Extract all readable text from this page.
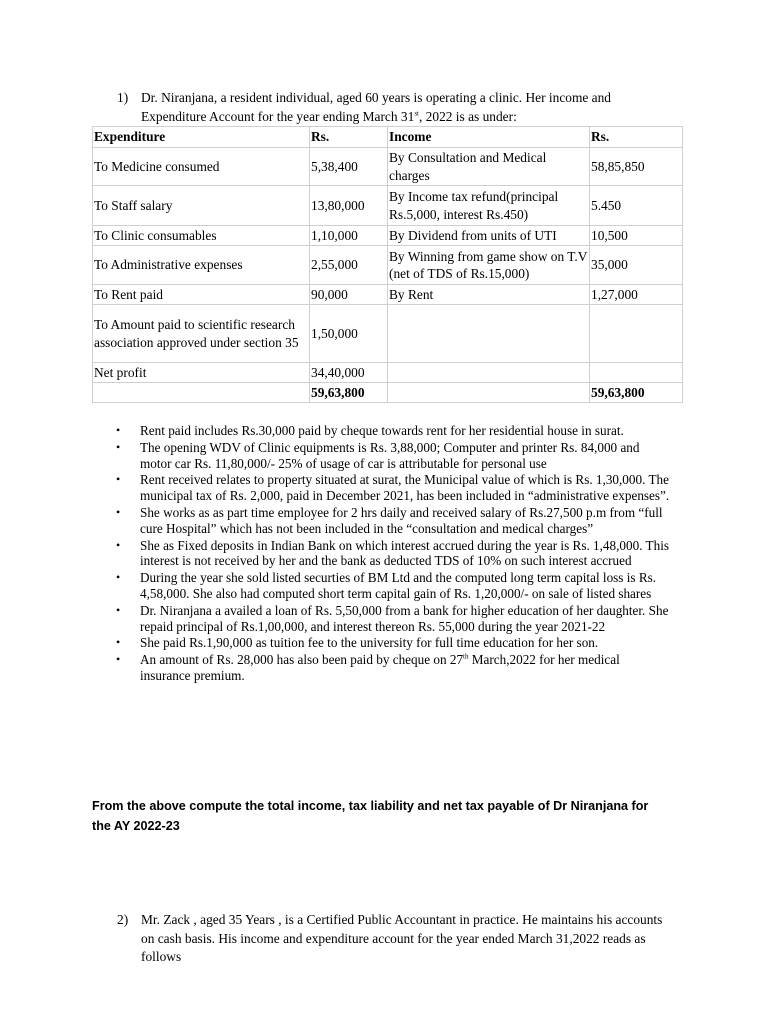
1) Dr. Niranjana, a resident individual, aged 60 years is operating a clinic. Her income and
Expenditure Account for the year ending March 31st, 2022 is as under:
Expenditure	Rs.	Income	Rs.
To Medicine consumed	5,38,400	By Consultation and Medical charges	58,85,850
To Staff salary	13,80,000	By Income tax refund(principal Rs.5,000, interest Rs.450)	5.450
To Clinic consumables	1,10,000	By Dividend from units of UTI	10,500
To Administrative expenses	2,55,000	By Winning from game show on T.V (net of TDS of Rs.15,000)	35,000
To Rent paid	90,000	By Rent	1,27,000
To Amount paid to scientific research association approved under section 35	1,50,000		
Net profit	34,40,000		
	59,63,800		59,63,800
• Rent paid includes Rs.30,000 paid by cheque towards rent for her residential house in surat.
• The opening WDV of Clinic equipments is Rs. 3,88,000; Computer and printer Rs. 84,000 and motor car Rs. 11,80,000/- 25% of usage of car is attributable for personal use
• Rent received relates to property situated at surat, the Municipal value of which is Rs. 1,30,000. The municipal tax of Rs. 2,000, paid in December 2021, has been included in “administrative expenses”.
• She works as as part time employee for 2 hrs daily and received salary of Rs.27,500 p.m from “full cure Hospital” which has not been included in the “consultation and medical charges”
• She as Fixed deposits in Indian Bank on which interest accrued during the year is Rs. 1,48,000. This interest is not received by her and the bank as deducted TDS of 10% on such interest accrued
• During the year she sold listed securties of BM Ltd and the computed long term capital loss is Rs. 4,58,000. She also had computed short term capital gain of Rs. 1,20,000/- on sale of listed shares
• Dr. Niranjana a availed a loan of Rs. 5,50,000 from a bank for higher education of her daughter. She repaid principal of Rs.1,00,000, and interest thereon Rs. 55,000 during the year 2021-22
• She paid Rs.1,90,000 as tuition fee to the university for full time education for her son.
• An amount of Rs. 28,000 has also been paid by cheque on 27th March,2022 for her medical insurance premium.
From the above compute the total income, tax liability and net tax payable of Dr Niranjana for
the AY 2022-23
2) Mr. Zack , aged 35 Years , is a Certified Public Accountant in practice. He maintains his accounts on cash basis. His income and expenditure account for the year ended March 31,2022 reads as follows
